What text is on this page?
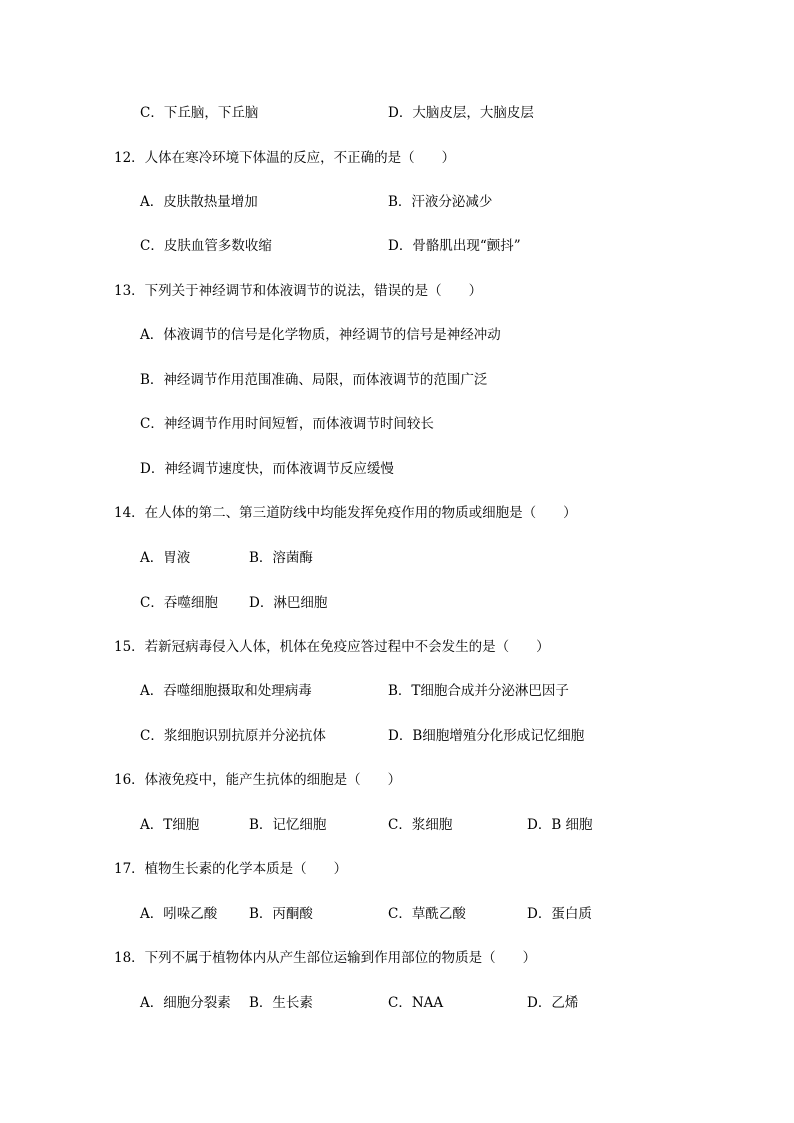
C．下丘脑，下丘脑	D．大脑皮层，大脑皮层
12．人体在寒冷环境下体温的反应，不正确的是（　　）
A．皮肤散热量增加	B．汗液分泌减少
C．皮肤血管多数收缩	D．骨骼肌出现“颤抖”
13．下列关于神经调节和体液调节的说法，错误的是（　　）
A．体液调节的信号是化学物质，神经调节的信号是神经冲动
B．神经调节作用范围准确、局限，而体液调节的范围广泛
C．神经调节作用时间短暂，而体液调节时间较长
D．神经调节速度快，而体液调节反应缓慢
14．在人体的第二、第三道防线中均能发挥免疫作用的物质或细胞是（　　）
A．胃液	B．溶菌酶
C．吞噬细胞 D．淋巴细胞
15．若新冠病毒侵入人体，机体在免疫应答过程中不会发生的是（　　）
A．吞噬细胞摄取和处理病毒	B．T细胞合成并分泌淋巴因子
C．浆细胞识别抗原并分泌抗体	D．B细胞增殖分化形成记忆细胞
16．体液免疫中，能产生抗体的细胞是（　　）
A．T细胞	B．记忆细胞	C．浆细胞	D．B 细胞
17．植物生长素的化学本质是（　　）
A．吲哚乙酸 B．丙酮酸	C．草酰乙酸	D．蛋白质
18．下列不属于植物体内从产生部位运输到作用部位的物质是（　　）
A．细胞分裂素 B．生长素	C．NAA	D．乙烯
